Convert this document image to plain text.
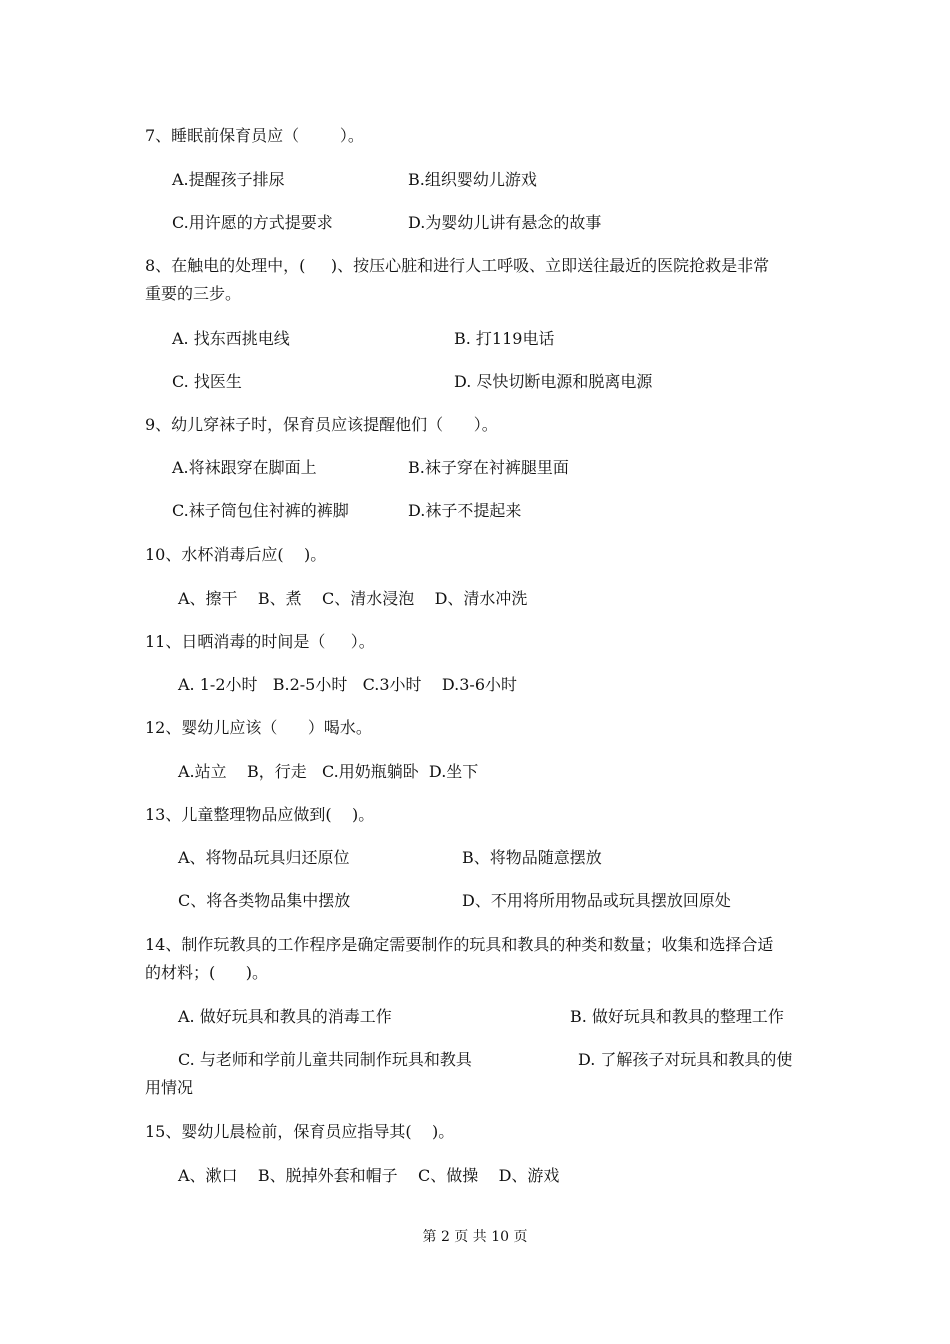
7、睡眠前保育员应（        ）。
A.提醒孩子排尿	B.组织婴幼儿游戏
C.用许愿的方式提要求	D.为婴幼儿讲有悬念的故事
8、在触电的处理中，(     )、按压心脏和进行人工呼吸、立即送往最近的医院抢救是非常
重要的三步。
A. 找东西挑电线	B. 打119电话
C. 找医生	D. 尽快切断电源和脱离电源
9、幼儿穿袜子时，保育员应该提醒他们（      ）。
A.将袜跟穿在脚面上	B.袜子穿在衬裤腿里面
C.袜子筒包住衬裤的裤脚	D.袜子不提起来
10、水杯消毒后应(    )。
A、擦干    B、煮    C、清水浸泡    D、清水冲洗
11、日晒消毒的时间是（     ）。
A. 1-2小时   B.2-5小时   C.3小时    D.3-6小时
12、婴幼儿应该（      ）喝水。
A.站立    B，行走   C.用奶瓶躺卧  D.坐下
13、儿童整理物品应做到(    )。
A、将物品玩具归还原位	B、将物品随意摆放
C、将各类物品集中摆放	D、不用将所用物品或玩具摆放回原处
14、制作玩教具的工作程序是确定需要制作的玩具和教具的种类和数量；收集和选择合适
的材料；(      )。
A. 做好玩具和教具的消毒工作	B. 做好玩具和教具的整理工作
C. 与老师和学前儿童共同制作玩具和教具	D. 了解孩子对玩具和教具的使
用情况
15、婴幼儿晨检前，保育员应指导其(    )。
A、漱口    B、脱掉外套和帽子    C、做操    D、游戏
第 2 页 共 10 页
